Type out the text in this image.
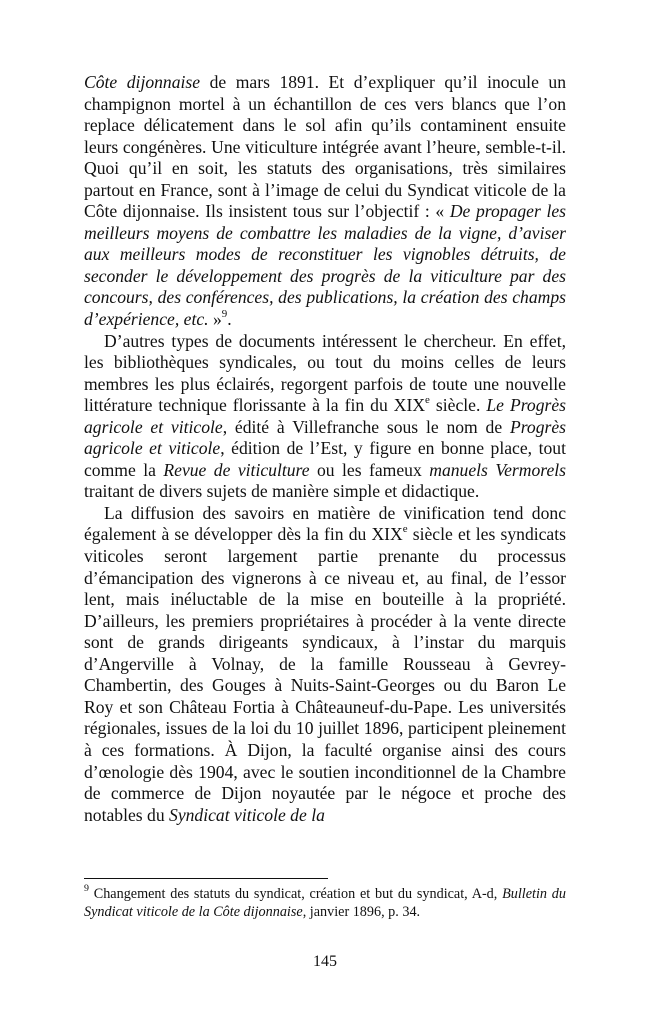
Côte dijonnaise de mars 1891. Et d’expliquer qu’il inocule un champignon mortel à un échantillon de ces vers blancs que l’on replace délicatement dans le sol afin qu’ils contaminent ensuite leurs congénères. Une viticulture intégrée avant l’heure, semble-t-il. Quoi qu’il en soit, les statuts des organisations, très similaires partout en France, sont à l’image de celui du Syndicat viticole de la Côte dijonnaise. Ils insistent tous sur l’objectif : « De propager les meilleurs moyens de combattre les maladies de la vigne, d’aviser aux meilleurs modes de reconstituer les vignobles détruits, de seconder le développement des progrès de la viticulture par des concours, des conférences, des publications, la création des champs d’expérience, etc. »$^9$.

D’autres types de documents intéressent le chercheur. En effet, les bibliothèques syndicales, ou tout du moins celles de leurs membres les plus éclairés, regorgent parfois de toute une nouvelle littérature technique florissante à la fin du XIXe siècle. Le Progrès agricole et viticole, édité à Villefranche sous le nom de Progrès agricole et viticole, édition de l’Est, y figure en bonne place, tout comme la Revue de viticulture ou les fameux manuels Vermorels traitant de divers sujets de manière simple et didactique.

La diffusion des savoirs en matière de vinification tend donc également à se développer dès la fin du XIXe siècle et les syndicats viticoles seront largement partie prenante du processus d’émancipation des vignerons à ce niveau et, au final, de l’essor lent, mais inéluctable de la mise en bouteille à la propriété. D’ailleurs, les premiers propriétaires à procéder à la vente directe sont de grands dirigeants syndicaux, à l’instar du marquis d’Angerville à Volnay, de la famille Rousseau à Gevrey-Chambertin, des Gouges à Nuits-Saint-Georges ou du Baron Le Roy et son Château Fortia à Châteauneuf-du-Pape. Les universités régionales, issues de la loi du 10 juillet 1896, participent pleinement à ces formations. À Dijon, la faculté organise ainsi des cours d’œnologie dès 1904, avec le soutien inconditionnel de la Chambre de commerce de Dijon noyautée par le négoce et proche des notables du Syndicat viticole de la

$^9$ Changement des statuts du syndicat, création et but du syndicat, A-d, Bulletin du Syndicat viticole de la Côte dijonnaise, janvier 1896, p. 34.

145
